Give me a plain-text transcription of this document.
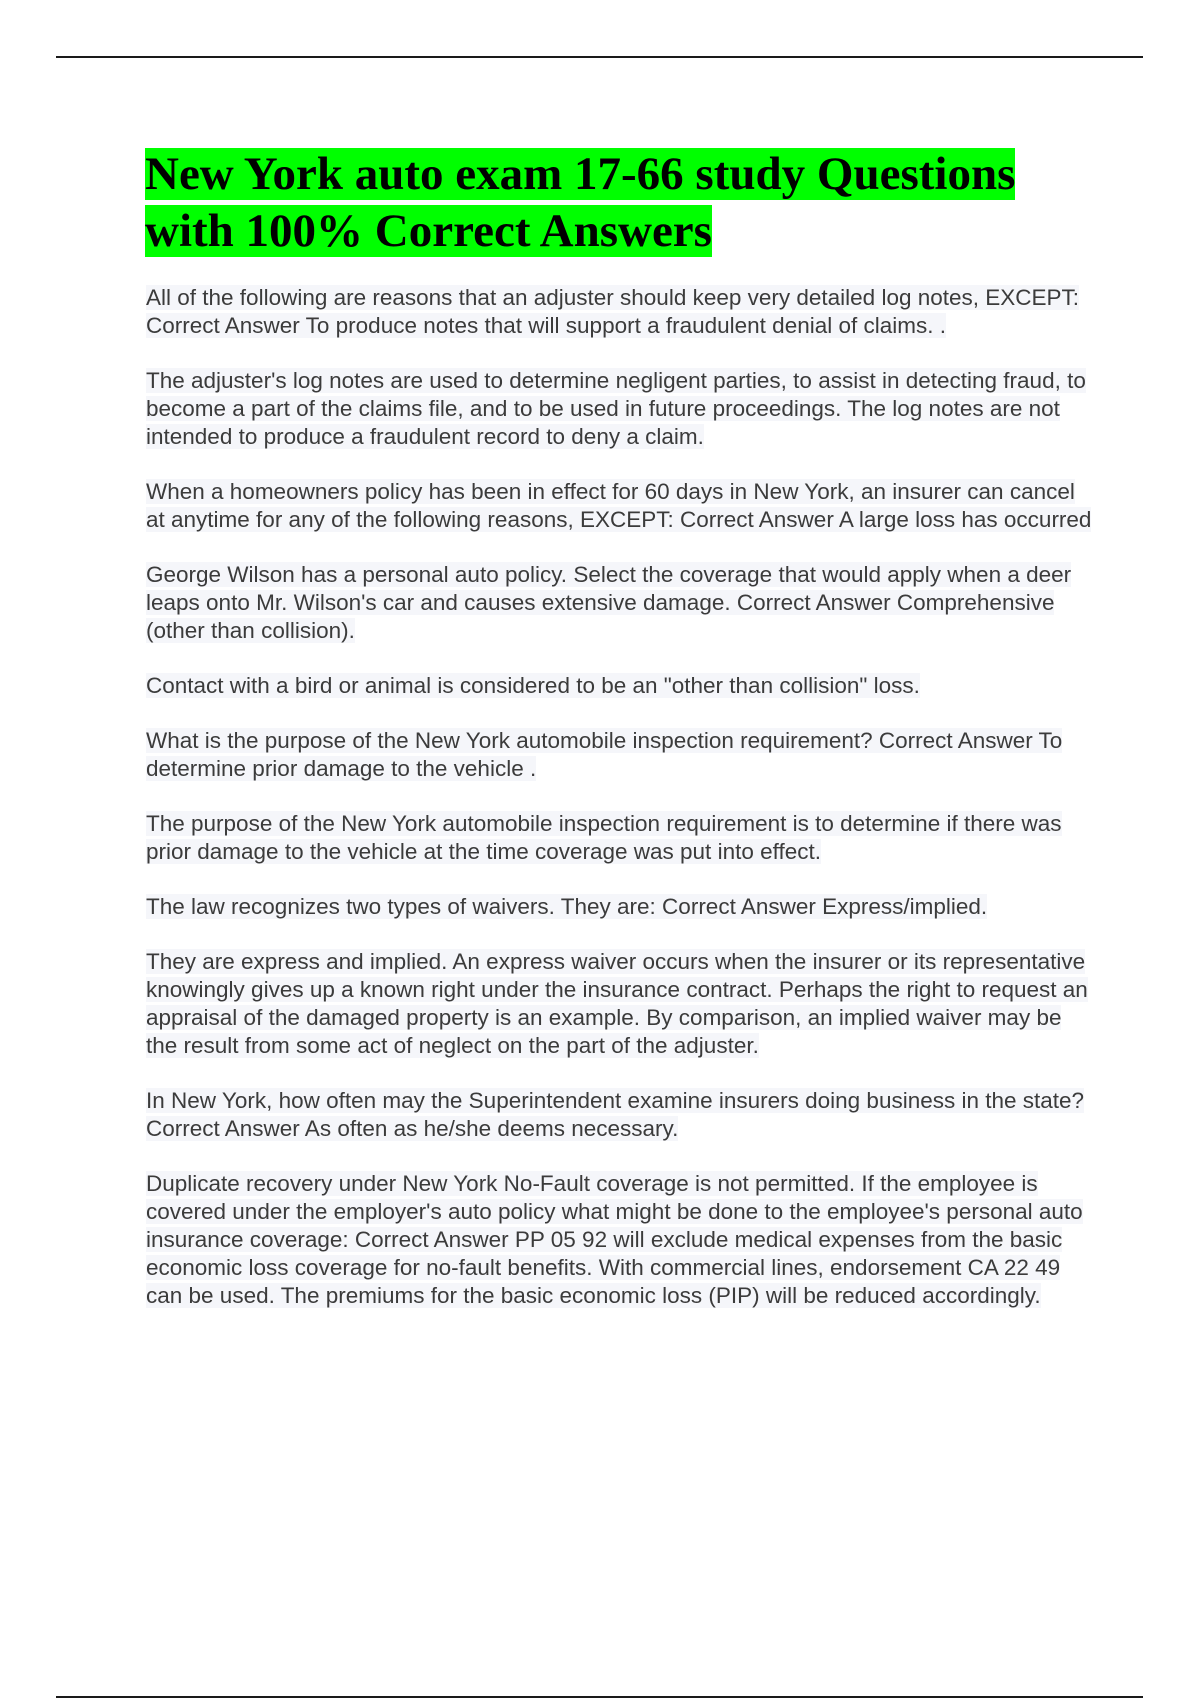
New York auto exam 17-66 study Questions with 100% Correct Answers

All of the following are reasons that an adjuster should keep very detailed log notes, EXCEPT: Correct Answer To produce notes that will support a fraudulent denial of claims. .

The adjuster's log notes are used to determine negligent parties, to assist in detecting fraud, to become a part of the claims file, and to be used in future proceedings. The log notes are not intended to produce a fraudulent record to deny a claim.

When a homeowners policy has been in effect for 60 days in New York, an insurer can cancel at anytime for any of the following reasons, EXCEPT: Correct Answer A large loss has occurred

George Wilson has a personal auto policy. Select the coverage that would apply when a deer leaps onto Mr. Wilson's car and causes extensive damage. Correct Answer Comprehensive (other than collision).

Contact with a bird or animal is considered to be an "other than collision" loss.

What is the purpose of the New York automobile inspection requirement? Correct Answer To determine prior damage to the vehicle .

The purpose of the New York automobile inspection requirement is to determine if there was prior damage to the vehicle at the time coverage was put into effect.

The law recognizes two types of waivers. They are: Correct Answer Express/implied.

They are express and implied. An express waiver occurs when the insurer or its representative knowingly gives up a known right under the insurance contract. Perhaps the right to request an appraisal of the damaged property is an example. By comparison, an implied waiver may be the result from some act of neglect on the part of the adjuster.

In New York, how often may the Superintendent examine insurers doing business in the state? Correct Answer As often as he/she deems necessary.

Duplicate recovery under New York No-Fault coverage is not permitted. If the employee is covered under the employer's auto policy what might be done to the employee's personal auto insurance coverage: Correct Answer PP 05 92 will exclude medical expenses from the basic economic loss coverage for no-fault benefits. With commercial lines, endorsement CA 22 49 can be used. The premiums for the basic economic loss (PIP) will be reduced accordingly.
